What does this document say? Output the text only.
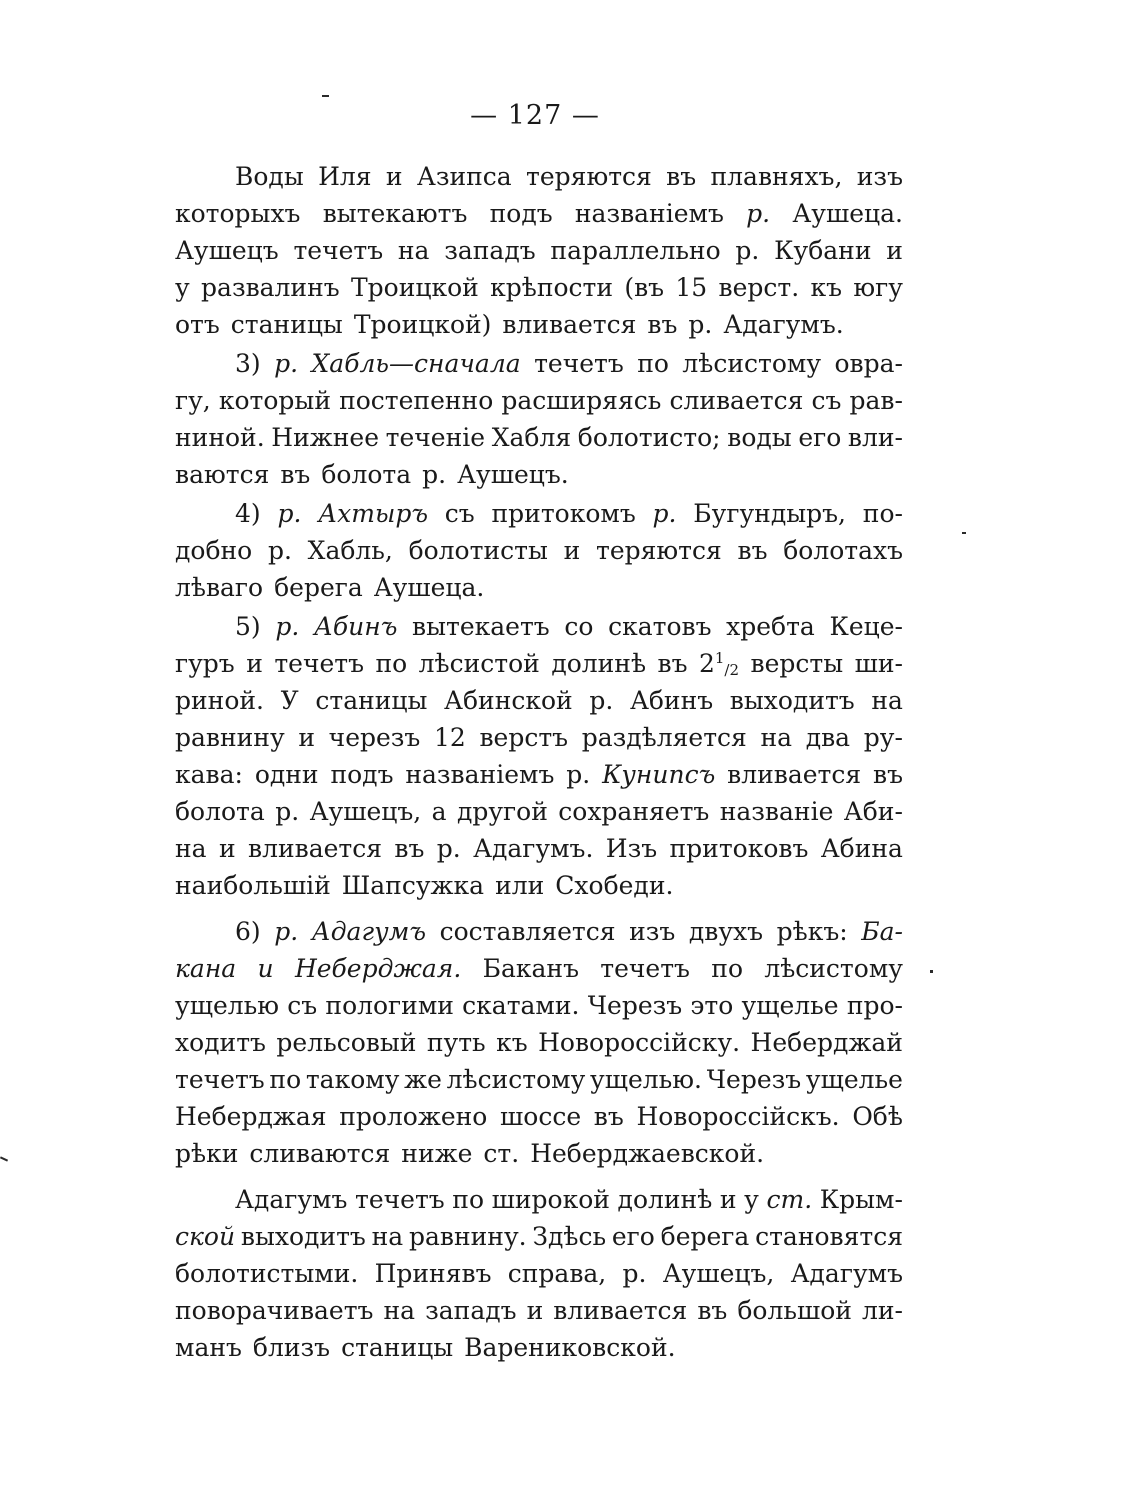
— 127 —
Воды Иля и Азипса теряются въ плавняхъ, изъ
которыхъ вытекаютъ подъ названіемъ р. Аушеца.
Аушецъ течетъ на западъ параллельно р. Кубани и
у развалинъ Троицкой крѣпости (въ 15 верст. къ югу
отъ станицы Троицкой) вливается въ р. Адагумъ.
3) р. Хабль—сначала течетъ по лѣсистому овра-
гу, который постепенно расширяясь сливается съ рав-
ниной. Нижнее теченіе Хабля болотисто; воды его вли-
ваются въ болота р. Аушецъ.
4) р. Ахтыръ съ притокомъ р. Бугундыръ, по-
добно р. Хабль, болотисты и теряются въ болотахъ
лѣваго берега Аушеца.
5) р. Абинъ вытекаетъ со скатовъ хребта Кеце-
гуръ и течетъ по лѣсистой долинѣ въ $2^1_{/2}$ версты ши-
риной. У станицы Абинской р. Абинъ выходитъ на
равнину и черезъ 12 верстъ раздѣляется на два ру-
кава: одни подъ названіемъ р. Кунипсъ вливается въ
болота р. Аушецъ, а другой сохраняетъ названіе Аби-
на и вливается въ р. Адагумъ. Изъ притоковъ Абина
наибольшій Шапсужка или Схобеди.
6) р. Адагумъ составляется изъ двухъ рѣкъ: Ба-
кана и Неберджая. Баканъ течетъ по лѣсистому
ущелью съ пологими скатами. Черезъ это ущелье про-
ходитъ рельсовый путь къ Новороссійску. Неберджай
течетъ по такому же лѣсистому ущелью. Черезъ ущелье
Неберджая проложено шоссе въ Новороссійскъ. Обѣ
рѣки сливаются ниже ст. Неберджаевской.
Адагумъ течетъ по широкой долинѣ и у ст. Крым-
ской выходитъ на равнину. Здѣсь его берега становятся
болотистыми. Принявъ справа, р. Аушецъ, Адагумъ
поворачиваетъ на западъ и вливается въ большой ли-
манъ близъ станицы Варениковской.
